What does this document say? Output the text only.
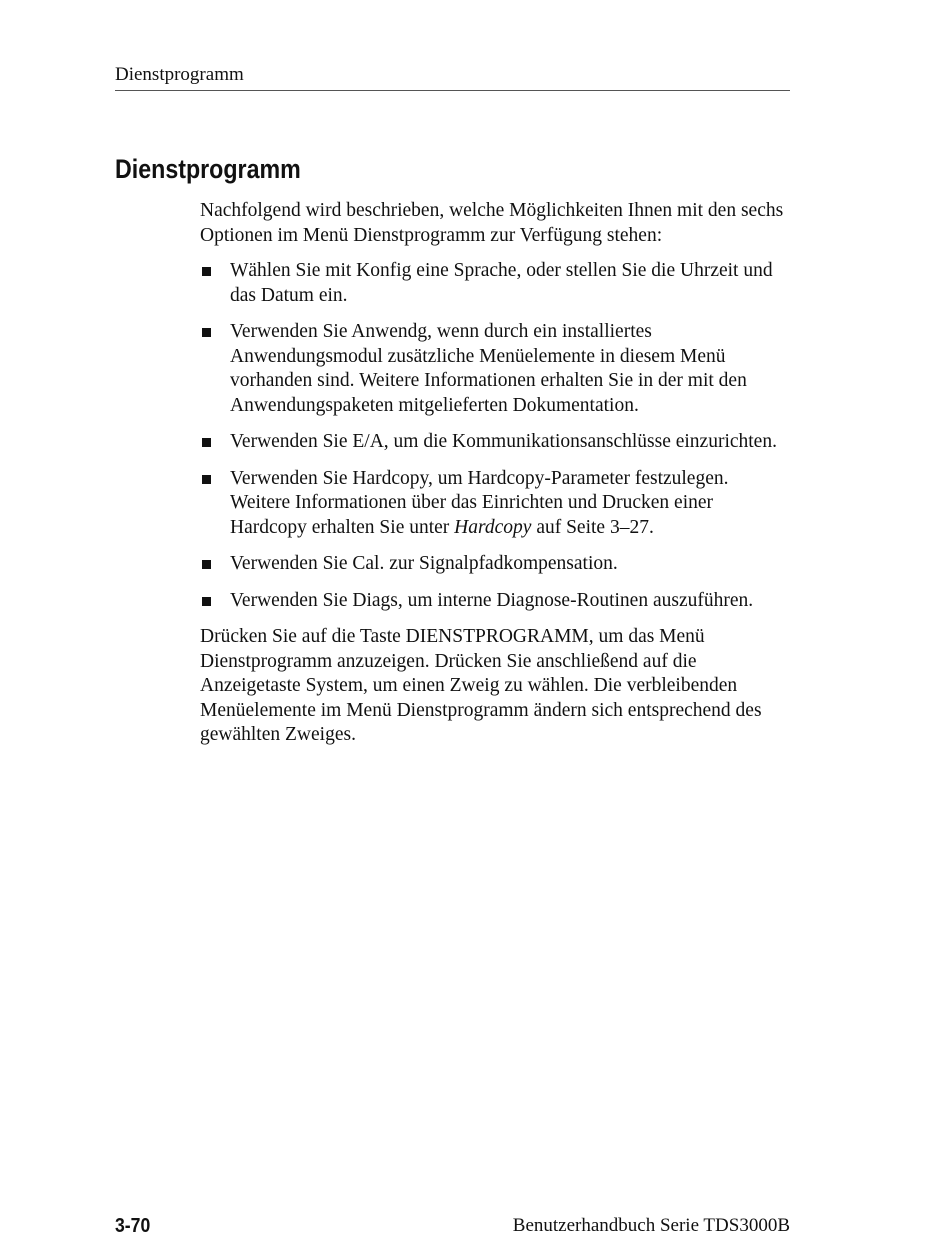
Dienstprogramm
Dienstprogramm

Nachfolgend wird beschrieben, welche Möglichkeiten Ihnen mit den sechs Optionen im Menü Dienstprogramm zur Verfügung stehen:

Wählen Sie mit Konfig eine Sprache, oder stellen Sie die Uhrzeit und das Datum ein.
Verwenden Sie Anwendg, wenn durch ein installiertes Anwendungsmodul zusätzliche Menüelemente in diesem Menü vorhanden sind. Weitere Informationen erhalten Sie in der mit den Anwendungspaketen mitgelieferten Dokumentation.
Verwenden Sie E/A, um die Kommunikationsanschlüsse einzurichten.
Verwenden Sie Hardcopy, um Hardcopy-Parameter festzulegen. Weitere Informationen über das Einrichten und Drucken einer Hardcopy erhalten Sie unter Hardcopy auf Seite 3–27.
Verwenden Sie Cal. zur Signalpfadkompensation.
Verwenden Sie Diags, um interne Diagnose-Routinen auszuführen.

Drücken Sie auf die Taste DIENSTPROGRAMM, um das Menü Dienstprogramm anzuzeigen. Drücken Sie anschließend auf die Anzeigetaste System, um einen Zweig zu wählen. Die verbleibenden Menüelemente im Menü Dienstprogramm ändern sich entsprechend des gewählten Zweiges.

3-70	Benutzerhandbuch Serie TDS3000B
